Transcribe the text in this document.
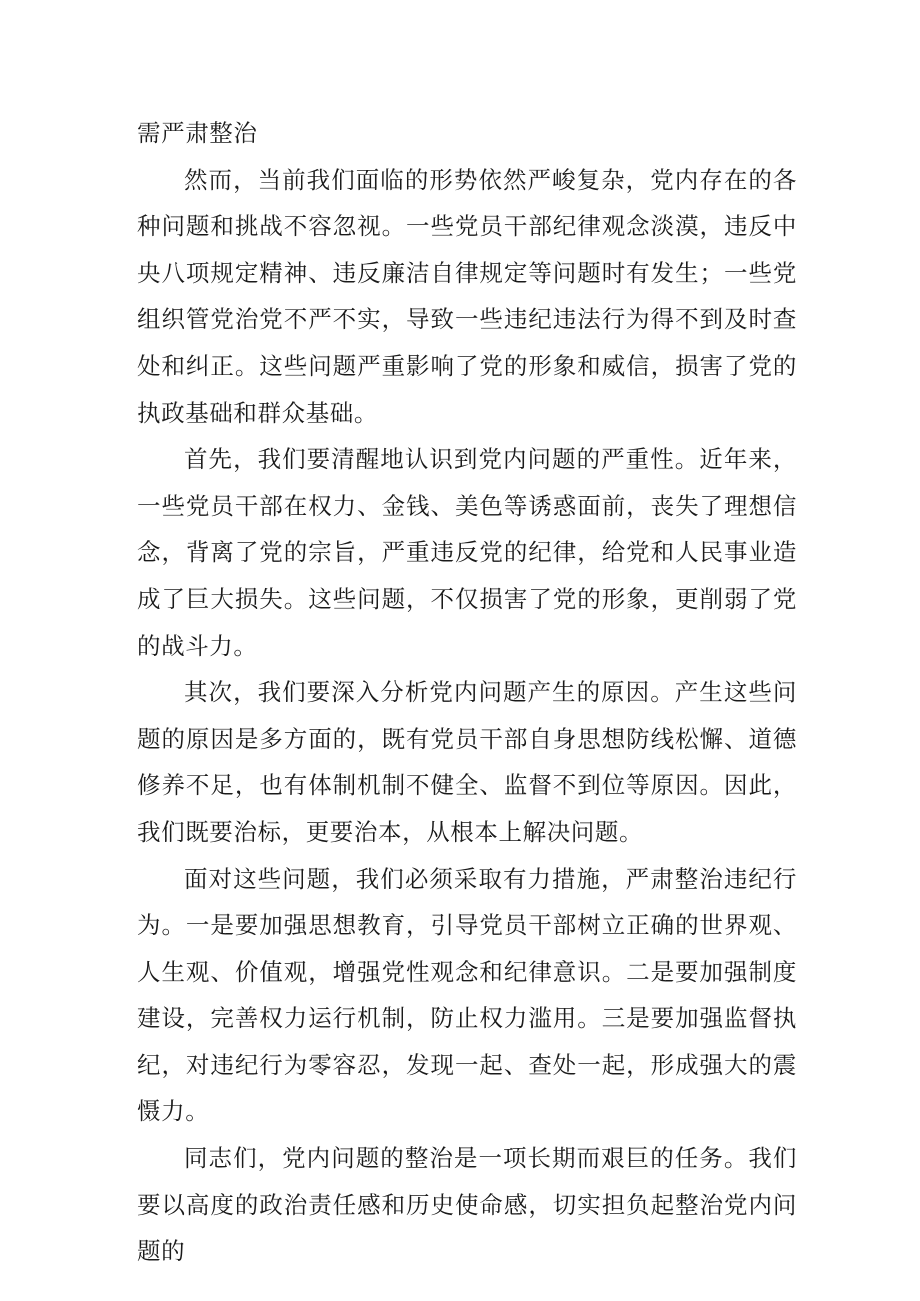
需严肃整治

然而，当前我们面临的形势依然严峻复杂，党内存在的各种问题和挑战不容忽视。一些党员干部纪律观念淡漠，违反中央八项规定精神、违反廉洁自律规定等问题时有发生；一些党组织管党治党不严不实，导致一些违纪违法行为得不到及时查处和纠正。这些问题严重影响了党的形象和威信，损害了党的执政基础和群众基础。

首先，我们要清醒地认识到党内问题的严重性。近年来，一些党员干部在权力、金钱、美色等诱惑面前，丧失了理想信念，背离了党的宗旨，严重违反党的纪律，给党和人民事业造成了巨大损失。这些问题，不仅损害了党的形象，更削弱了党的战斗力。

其次，我们要深入分析党内问题产生的原因。产生这些问题的原因是多方面的，既有党员干部自身思想防线松懈、道德修养不足，也有体制机制不健全、监督不到位等原因。因此，我们既要治标，更要治本，从根本上解决问题。

面对这些问题，我们必须采取有力措施，严肃整治违纪行为。一是要加强思想教育，引导党员干部树立正确的世界观、人生观、价值观，增强党性观念和纪律意识。二是要加强制度建设，完善权力运行机制，防止权力滥用。三是要加强监督执纪，对违纪行为零容忍，发现一起、查处一起，形成强大的震慑力。

同志们，党内问题的整治是一项长期而艰巨的任务。我们要以高度的政治责任感和历史使命感，切实担负起整治党内问题的
